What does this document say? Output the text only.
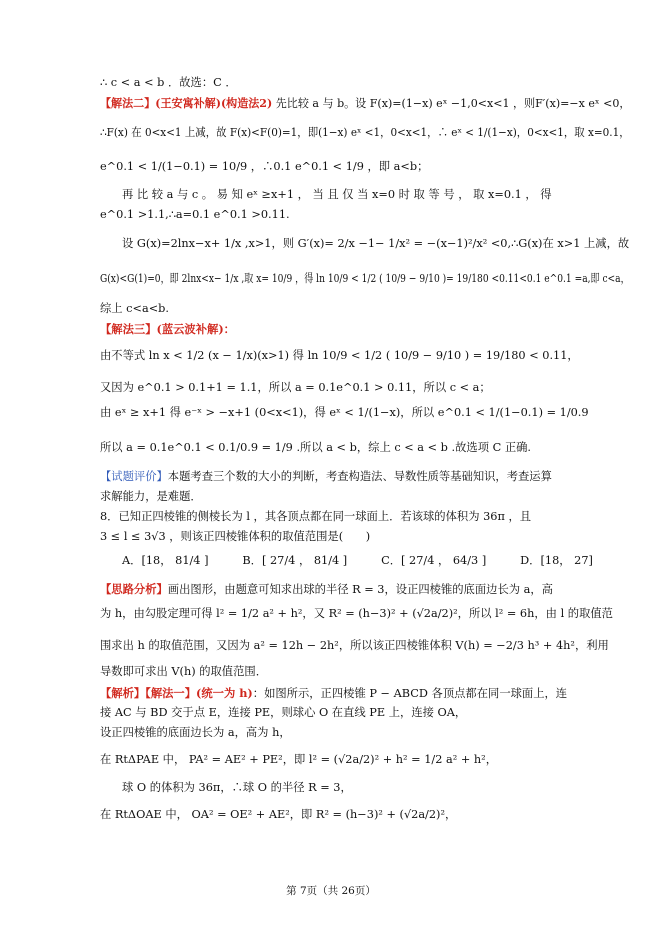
∴ c < a < b ．故选：C ．
【解法二】(王安寓补解)(构造法2) 先比较 a 与 b。设 F(x)=(1−x) eˣ −1,0<x<1 ，则F′(x)=−x eˣ <0，
∴F(x) 在 0<x<1 上减，故 F(x)<F(0)=1，即(1−x) eˣ <1，0<x<1，∴ eˣ < 1/(1−x)，0<x<1，取 x=0.1，
e^0.1 < 1/(1−0.1) = 10/9 ，∴0.1 e^0.1 < 1/9 ，即 a<b；
再 比 较 a 与 c 。 易 知 eˣ ≥x+1 ， 当 且 仅 当 x=0 时 取 等 号 ， 取 x=0.1 ， 得
e^0.1 >1.1,∴a=0.1 e^0.1 >0.11.
设 G(x)=2lnx−x+ 1/x ,x>1，则 G′(x)= 2/x −1− 1/x² = −(x−1)²/x² <0,∴G(x)在 x>1 上减，故
G(x)<G(1)=0，即 2lnx<x− 1/x ,取 x= 10/9 ，得 ln 10/9 < 1/2 ( 10/9 − 9/10 )= 19/180 <0.11<0.1 e^0.1 =a,即 c<a，
综上 c<a<b.
【解法三】(蓝云波补解)：
由不等式 ln x < 1/2 (x − 1/x)(x>1) 得 ln 10/9 < 1/2 ( 10/9 − 9/10 ) = 19/180 < 0.11，
又因为 e^0.1 > 0.1+1 = 1.1，所以 a = 0.1e^0.1 > 0.11，所以 c < a；
由 eˣ ≥ x+1 得 e⁻ˣ > −x+1 (0<x<1)，得 eˣ < 1/(1−x)，所以 e^0.1 < 1/(1−0.1) = 1/0.9
所以 a = 0.1e^0.1 < 0.1/0.9 = 1/9 .所以 a < b，综上 c < a < b .故选项 C 正确.
【试题评价】本题考查三个数的大小的判断，考查构造法、导数性质等基础知识，考查运算
求解能力，是难题．
8．已知正四棱锥的侧棱长为 l ，其各顶点都在同一球面上．若该球的体积为 36π ，且
3 ≤ l ≤ 3√3 ，则该正四棱锥体积的取值范围是(　　)
A．[18， 81/4 ]　　　B．[ 27/4 ， 81/4 ]　　　C．[ 27/4 ， 64/3 ]　　　D．[18， 27]
【思路分析】画出图形，由题意可知求出球的半径 R = 3，设正四棱锥的底面边长为 a，高
为 h，由勾股定理可得 l² = 1/2 a² + h²，又 R² = (h−3)² + (√2a/2)²，所以 l² = 6h，由 l 的取值范
围求出 h 的取值范围，又因为 a² = 12h − 2h²，所以该正四棱锥体积 V(h) = −2/3 h³ + 4h²，利用
导数即可求出 V(h) 的取值范围．
【解析】【解法一】(统一为 h)：如图所示，正四棱锥 P − ABCD 各顶点都在同一球面上，连
接 AC 与 BD 交于点 E，连接 PE，则球心 O 在直线 PE 上，连接 OA，
设正四棱锥的底面边长为 a，高为 h，
在 RtΔPAE 中， PA² = AE² + PE²，即 l² = (√2a/2)² + h² = 1/2 a² + h²，
球 O 的体积为 36π，∴球 O 的半径 R = 3，
在 RtΔOAE 中， OA² = OE² + AE²，即 R² = (h−3)² + (√2a/2)²，
第 7页（共 26页）
